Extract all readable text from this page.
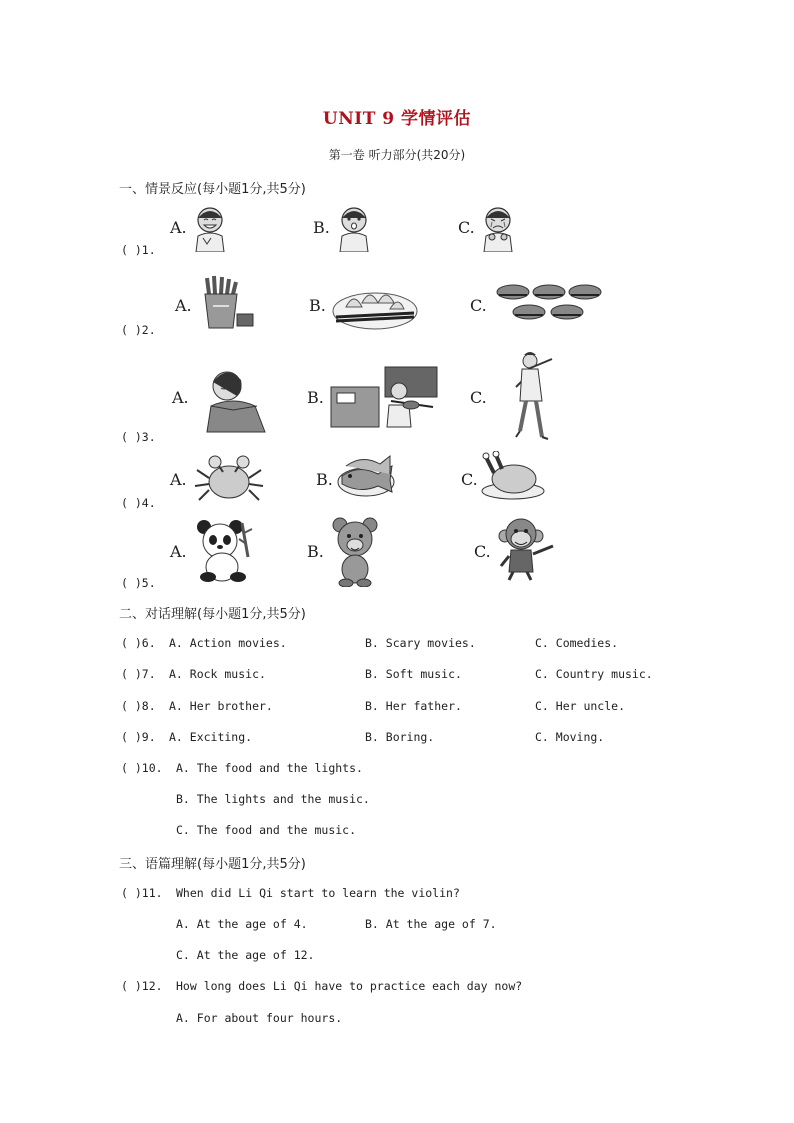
UNIT 9 学情评估
第一卷 听力部分(共20分)
一、情景反应(每小题1分,共5分)
( )1.
A.	B.	C.
( )2.
A.	B.	C.
( )3.
A.	B.	C.
( )4.
A.	B.	C.
( )5.
A.	B.	C.
二、对话理解(每小题1分,共5分)
( )6. A. Action movies.	B. Scary movies.	C. Comedies.
( )7. A. Rock music.	B. Soft music.	C. Country music.
( )8. A. Her brother.	B. Her father.	C. Her uncle.
( )9. A. Exciting.	B. Boring.	C. Moving.
( )10. A. The food and the lights.
B. The lights and the music.
C. The food and the music.
三、语篇理解(每小题1分,共5分)
( )11. When did Li Qi start to learn the violin?
A. At the age of 4.	B. At the age of 7.
C. At the age of 12.
( )12. How long does Li Qi have to practice each day now?
A. For about four hours.
